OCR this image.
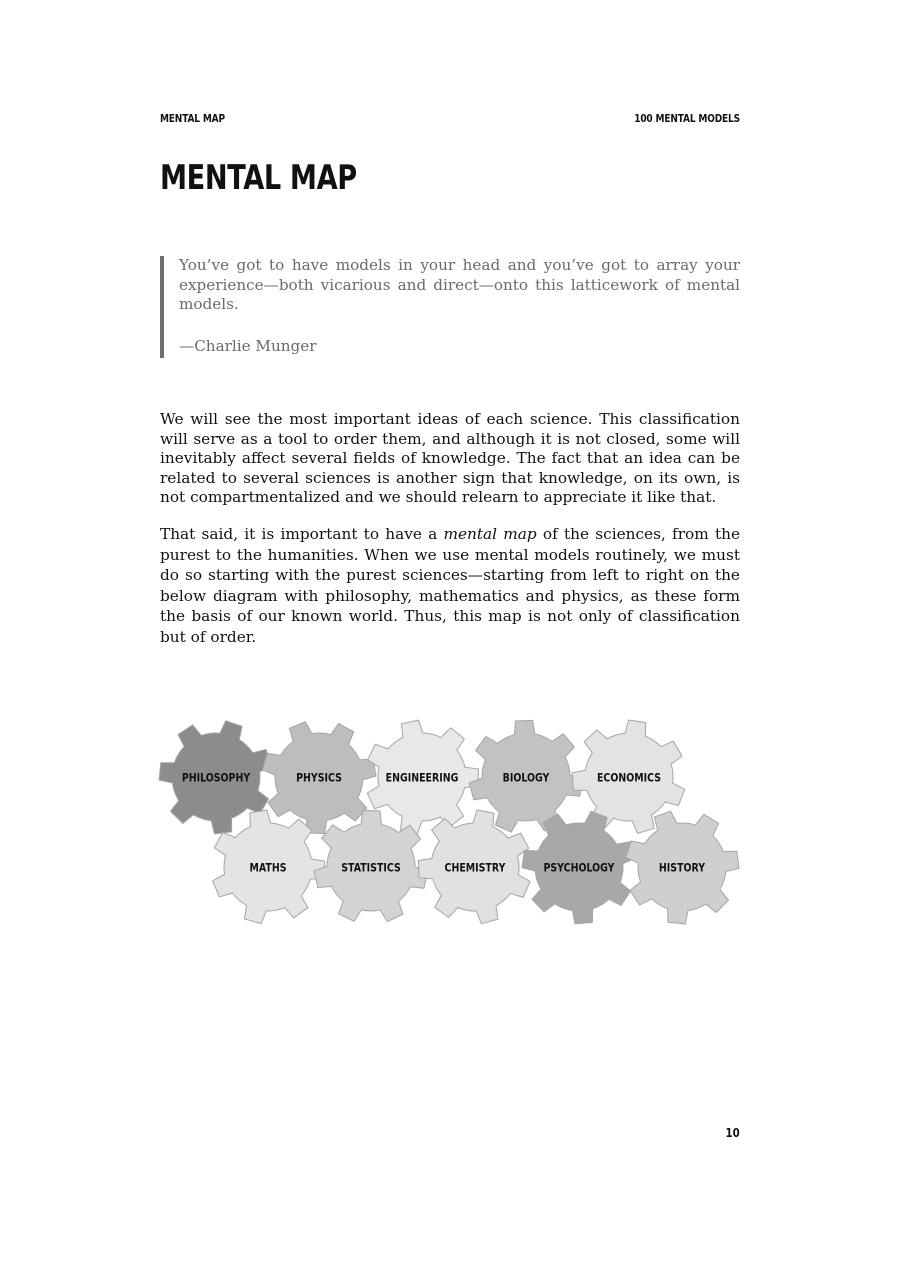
MENTAL MAP	100 MENTAL MODELS
MENTAL MAP

You’ve got to have models in your head and you’ve got to array your experience—both vicarious and direct—onto this latticework of mental models.

—Charlie Munger

We will see the most important ideas of each science. This classification will serve as a tool to order them, and although it is not closed, some will inevitably affect several fields of knowledge. The fact that an idea can be related to several sciences is another sign that knowledge, on its own, is not compartmentalized and we should relearn to appreciate it like that.

That said, it is important to have a mental map of the sciences, from the purest to the humanities. When we use mental models routinely, we must do so starting with the purest sciences—starting from left to right on the below diagram with philosophy, mathematics and physics, as these form the basis of our known world. Thus, this map is not only of classification but of order.

PHILOSOPHY	PHYSICS	ENGINEERING	BIOLOGY	ECONOMICS
MATHS	STATISTICS	CHEMISTRY	PSYCHOLOGY	HISTORY
10
